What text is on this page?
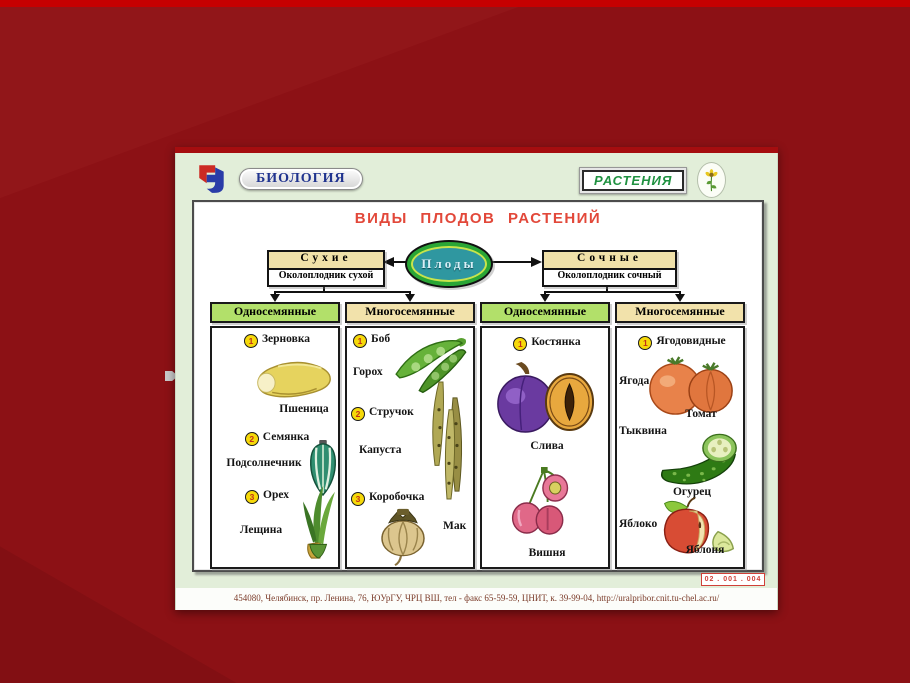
БИОЛОГИЯ	РАСТЕНИЯ
ВИДЫ ПЛОДОВ РАСТЕНИЙ
Сухие
Околоплодник сухой
Плоды	Сочные
Околоплодник сочный
Односемянные
1 Зерновка
Пшеница
2 Семянка
Подсолнечник
3 Орех
Лещина
Многосемянные
1 Боб
Горох
2 Стручок
Капуста
3 Коробочка
Мак
Односемянные
1 Костянка
Слива
Вишня
Многосемянные
1 Ягодовидные
Ягода
Томат
Тыквина
Огурец
Яблоко
Яблоня
02 . 001 . 004
454080, Челябинск, пр. Ленина, 76, ЮУрГУ, ЧРЦ ВШ, тел - факс 65-59-59, ЦНИТ, к. 39-99-04, http://uralpribor.cnit.tu-chel.ac.ru/
